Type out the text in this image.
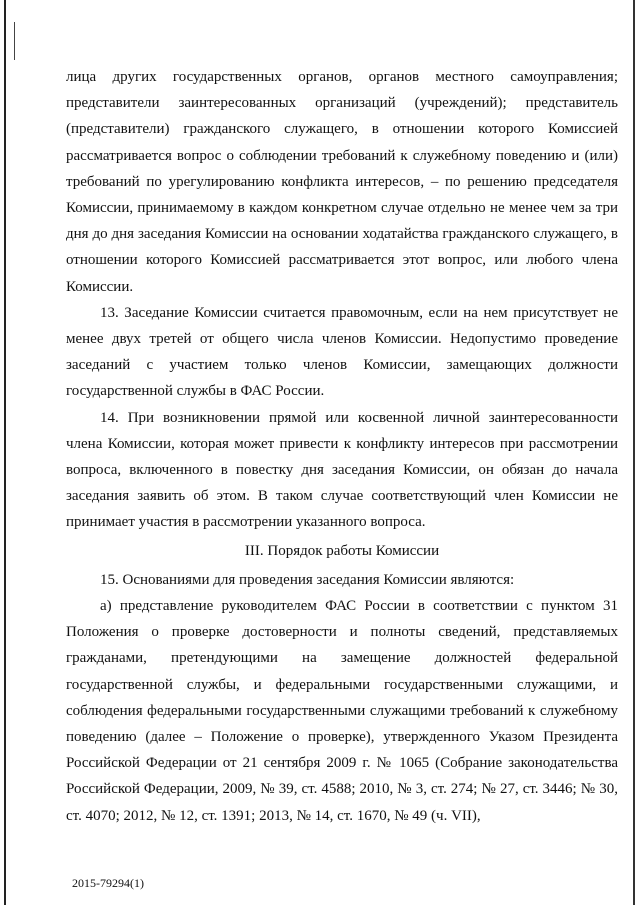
лица других государственных органов, органов местного самоуправления; представители заинтересованных организаций (учреждений); представитель (представители) гражданского служащего, в отношении которого Комиссией рассматривается вопрос о соблюдении требований к служебному поведению и (или) требований по урегулированию конфликта интересов, – по решению председателя Комиссии, принимаемому в каждом конкретном случае отдельно не менее чем за три дня до дня заседания Комиссии на основании ходатайства гражданского служащего, в отношении которого Комиссией рассматривается этот вопрос, или любого члена Комиссии.

13. Заседание Комиссии считается правомочным, если на нем присутствует не менее двух третей от общего числа членов Комиссии. Недопустимо проведение заседаний с участием только членов Комиссии, замещающих должности государственной службы в ФАС России.

14. При возникновении прямой или косвенной личной заинтересованности члена Комиссии, которая может привести к конфликту интересов при рассмотрении вопроса, включенного в повестку дня заседания Комиссии, он обязан до начала заседания заявить об этом. В таком случае соответствующий член Комиссии не принимает участия в рассмотрении указанного вопроса.

III. Порядок работы Комиссии

15. Основаниями для проведения заседания Комиссии являются:

а) представление руководителем ФАС России в соответствии с пунктом 31 Положения о проверке достоверности и полноты сведений, представляемых гражданами, претендующими на замещение должностей федеральной государственной службы, и федеральными государственными служащими, и соблюдения федеральными государственными служащими требований к служебному поведению (далее – Положение о проверке), утвержденного Указом Президента Российской Федерации от 21 сентября 2009 г. № 1065 (Собрание законодательства Российской Федерации, 2009, № 39, ст. 4588; 2010, № 3, ст. 274; № 27, ст. 3446; № 30, ст. 4070; 2012, № 12, ст. 1391; 2013, № 14, ст. 1670, № 49 (ч. VII),

2015-79294(1)
